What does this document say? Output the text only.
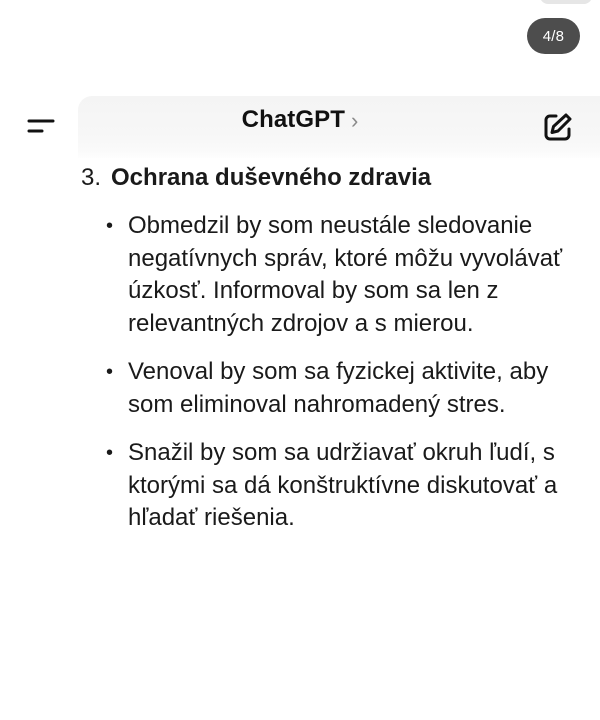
4/8
ChatGPT ›
3. Ochrana duševného zdravia
• Obmedzil by som neustále sledovanie negatívnych správ, ktoré môžu vyvolávať úzkosť. Informoval by som sa len z relevantných zdrojov a s mierou.
• Venoval by som sa fyzickej aktivite, aby som eliminoval nahromadený stres.
• Snažil by som sa udržiavať okruh ľudí, s ktorými sa dá konštruktívne diskutovať a hľadať riešenia.
